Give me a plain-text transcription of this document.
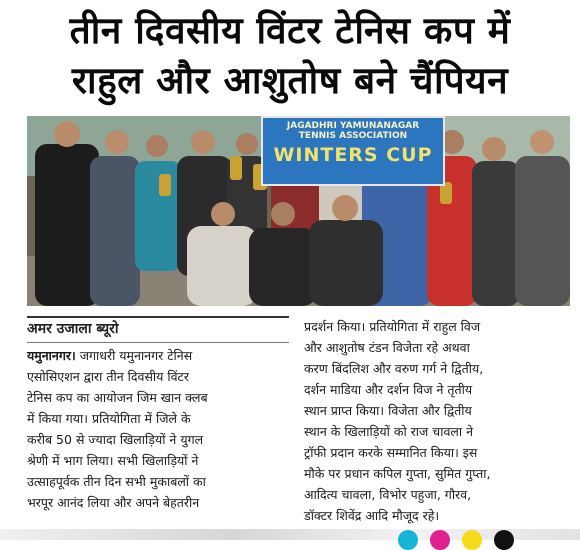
तीन दिवसीय विंटर टेनिस कप में
राहुल और आशुतोष बने चैंपियन
JAGADHRI YAMUNANAGAR
TENNIS ASSOCIATION
WINTERS CUP
अमर उजाला ब्यूरो
यमुनानगर। जगाधरी यमुनानगर टेनिस
एसोसिएशन द्वारा तीन दिवसीय विंटर
टेनिस कप का आयोजन जिम खान क्लब
में किया गया। प्रतियोगिता में जिले के
करीब 50 से ज्यादा खिलाड़ियों ने युगल
श्रेणी में भाग लिया। सभी खिलाड़ियों ने
उत्साहपूर्वक तीन दिन सभी मुकाबलों का
भरपूर आनंद लिया और अपने बेहतरीन
प्रदर्शन किया। प्रतियोगिता में राहुल विज
और आशुतोष टंडन विजेता रहे अथवा
करण बिंदलिश और वरुण गर्ग ने द्वितीय,
दर्शन माडिया और दर्शन विज ने तृतीय
स्थान प्राप्त किया। विजेता और द्वितीय
स्थान के खिलाड़ियों को राज चावला ने
ट्रॉफी प्रदान करके सम्मानित किया। इस
मौके पर प्रधान कपिल गुप्ता, सुमित गुप्ता,
आदित्य चावला, विभोर पहुजा, गौरव,
डॉक्टर शिवेंद्र आदि मौजूद रहे।
